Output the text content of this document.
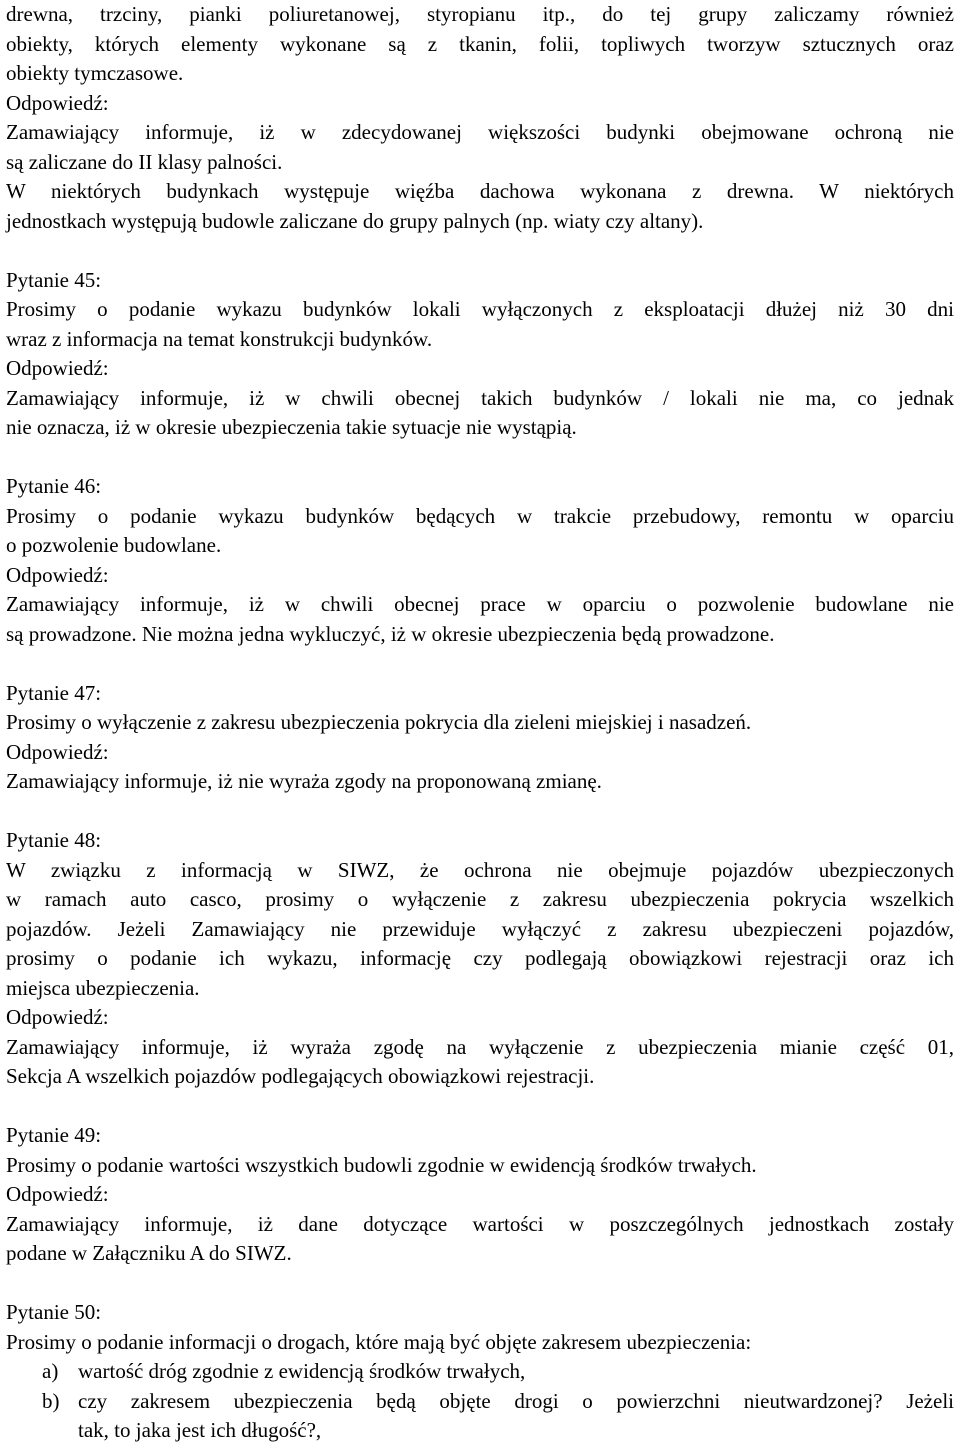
drewna, trzciny, pianki poliuretanowej, styropianu itp., do tej grupy zaliczamy również
obiekty, których elementy wykonane są z tkanin, folii, topliwych tworzyw sztucznych oraz
obiekty tymczasowe.
Odpowiedź:
Zamawiający informuje, iż w zdecydowanej większości budynki obejmowane ochroną nie
są zaliczane do II klasy palności.
W niektórych budynkach występuje więźba dachowa wykonana z drewna. W niektórych
jednostkach występują budowle zaliczane do grupy palnych (np. wiaty czy altany).
Pytanie 45:
Prosimy o podanie wykazu budynków lokali wyłączonych z eksploatacji dłużej niż 30 dni
wraz z informacja na temat konstrukcji budynków.
Odpowiedź:
Zamawiający informuje, iż w chwili obecnej takich budynków / lokali nie ma, co jednak
nie oznacza, iż w okresie ubezpieczenia takie sytuacje nie wystąpią.
Pytanie 46:
Prosimy o podanie wykazu budynków będących w trakcie przebudowy, remontu w oparciu
o pozwolenie budowlane.
Odpowiedź:
Zamawiający informuje, iż w chwili obecnej prace w oparciu o pozwolenie budowlane nie
są prowadzone. Nie można jedna wykluczyć, iż w okresie ubezpieczenia będą prowadzone.
Pytanie 47:
Prosimy o wyłączenie z zakresu ubezpieczenia pokrycia dla zieleni miejskiej i nasadzeń.
Odpowiedź:
Zamawiający informuje, iż nie wyraża zgody na proponowaną zmianę.
Pytanie 48:
W związku z informacją w SIWZ, że ochrona nie obejmuje pojazdów ubezpieczonych
w ramach auto casco, prosimy o wyłączenie z zakresu ubezpieczenia pokrycia wszelkich
pojazdów. Jeżeli Zamawiający nie przewiduje wyłączyć z zakresu ubezpieczeni pojazdów,
prosimy o podanie ich wykazu, informację czy podlegają obowiązkowi rejestracji oraz ich
miejsca ubezpieczenia.
Odpowiedź:
Zamawiający informuje, iż wyraża zgodę na wyłączenie z ubezpieczenia mianie część 01,
Sekcja A wszelkich pojazdów podlegających obowiązkowi rejestracji.
Pytanie 49:
Prosimy o podanie wartości wszystkich budowli zgodnie w ewidencją środków trwałych.
Odpowiedź:
Zamawiający informuje, iż dane dotyczące wartości w poszczególnych jednostkach zostały
podane w Załączniku A do SIWZ.
Pytanie 50:
Prosimy o podanie informacji o drogach, które mają być objęte zakresem ubezpieczenia:
a) wartość dróg zgodnie z ewidencją środków trwałych,
b) czy zakresem ubezpieczenia będą objęte drogi o powierzchni nieutwardzonej? Jeżeli
tak, to jaka jest ich długość?,
